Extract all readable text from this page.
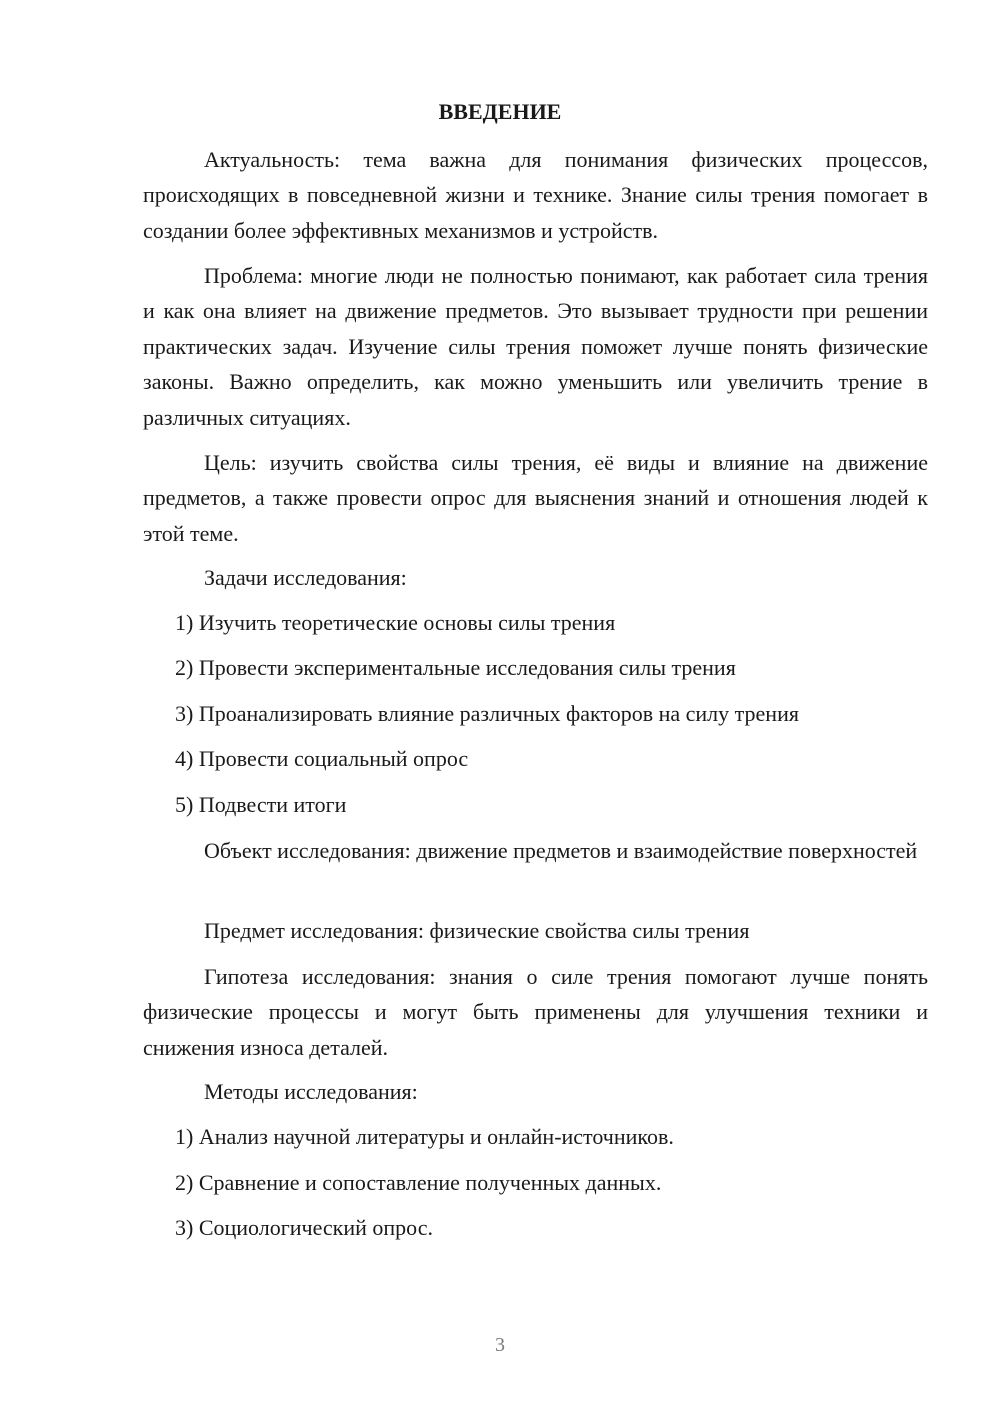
ВВЕДЕНИЕ

Актуальность: тема важна для понимания физических процессов, происходящих в повседневной жизни и технике. Знание силы трения помогает в создании более эффективных механизмов и устройств.

Проблема: многие люди не полностью понимают, как работает сила трения и как она влияет на движение предметов. Это вызывает трудности при решении практических задач. Изучение силы трения поможет лучше понять физические законы. Важно определить, как можно уменьшить или увеличить трение в различных ситуациях.

Цель: изучить свойства силы трения, её виды и влияние на движение предметов, а также провести опрос для выяснения знаний и отношения людей к этой теме.

Задачи исследования:

1) Изучить теоретические основы силы трения

2) Провести экспериментальные исследования силы трения

3) Проанализировать влияние различных факторов на силу трения

4) Провести социальный опрос

5) Подвести итоги

Объект исследования: движение предметов и взаимодействие поверхностей

Предмет исследования: физические свойства силы трения

Гипотеза исследования: знания о силе трения помогают лучше понять физические процессы и могут быть применены для улучшения техники и снижения износа деталей.

Методы исследования:

1) Анализ научной литературы и онлайн-источников.

2) Сравнение и сопоставление полученных данных.

3) Социологический опрос.

3
